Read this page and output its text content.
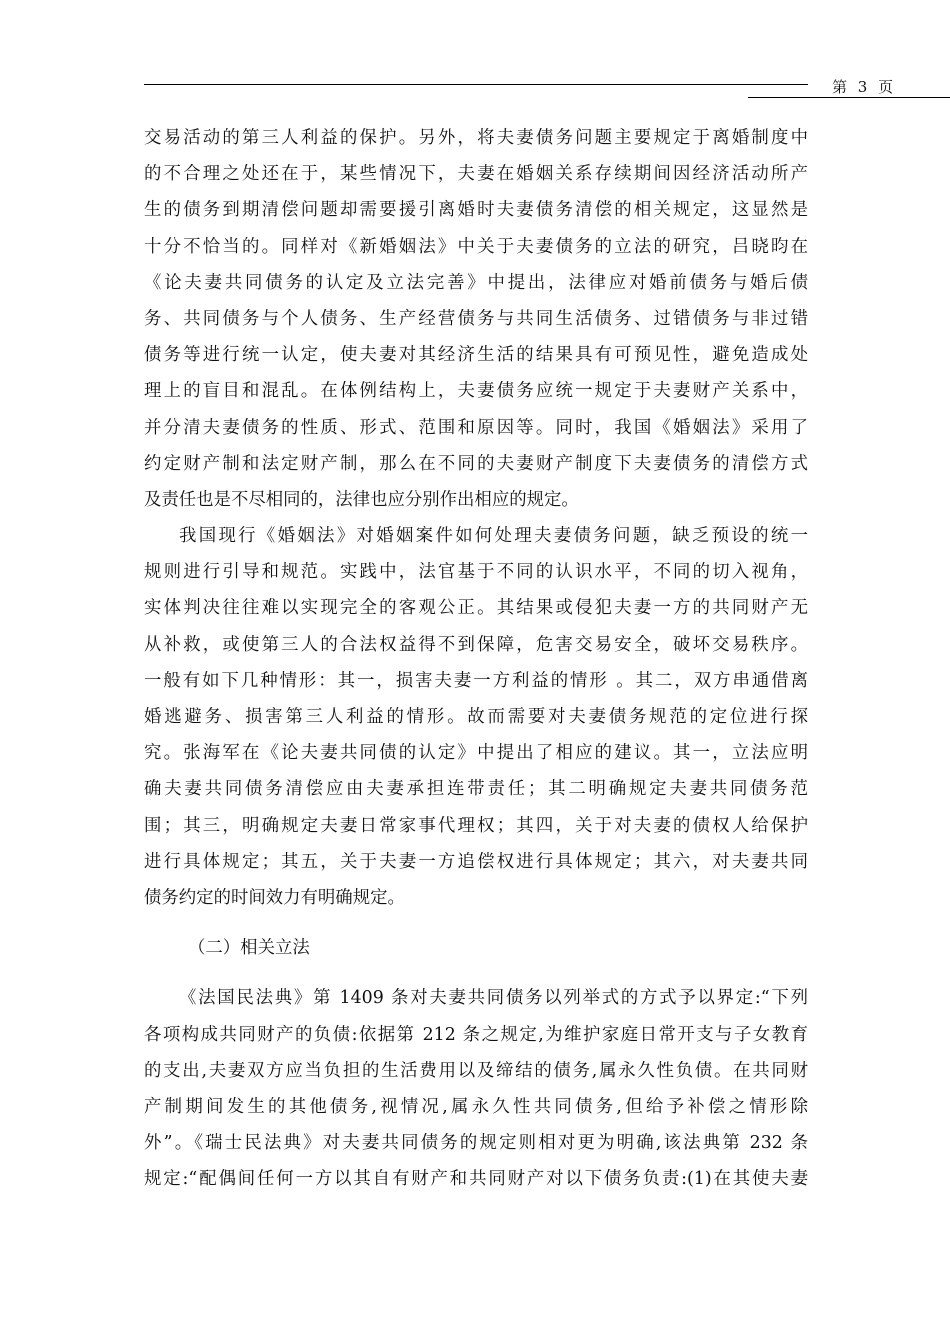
第 3 页
交易活动的第三人利益的保护。另外，将夫妻债务问题主要规定于离婚制度中
的不合理之处还在于，某些情况下，夫妻在婚姻关系存续期间因经济活动所产
生的债务到期清偿问题却需要援引离婚时夫妻债务清偿的相关规定，这显然是
十分不恰当的。同样对《新婚姻法》中关于夫妻债务的立法的研究，吕晓昀在
《论夫妻共同债务的认定及立法完善》中提出，法律应对婚前债务与婚后债
务、共同债务与个人债务、生产经营债务与共同生活债务、过错债务与非过错
债务等进行统一认定，使夫妻对其经济生活的结果具有可预见性，避免造成处
理上的盲目和混乱。在体例结构上，夫妻债务应统一规定于夫妻财产关系中，
并分清夫妻债务的性质、形式、范围和原因等。同时，我国《婚姻法》采用了
约定财产制和法定财产制，那么在不同的夫妻财产制度下夫妻债务的清偿方式
及责任也是不尽相同的，法律也应分别作出相应的规定。
我国现行《婚姻法》对婚姻案件如何处理夫妻债务问题，缺乏预设的统一
规则进行引导和规范。实践中，法官基于不同的认识水平，不同的切入视角，
实体判决往往难以实现完全的客观公正。其结果或侵犯夫妻一方的共同财产无
从补救，或使第三人的合法权益得不到保障，危害交易安全，破坏交易秩序。
一般有如下几种情形：其一，损害夫妻一方利益的情形 。其二，双方串通借离
婚逃避务、损害第三人利益的情形。故而需要对夫妻债务规范的定位进行探
究。张海军在《论夫妻共同债的认定》中提出了相应的建议。其一，立法应明
确夫妻共同债务清偿应由夫妻承担连带责任；其二明确规定夫妻共同债务范
围；其三，明确规定夫妻日常家事代理权；其四，关于对夫妻的债权人给保护
进行具体规定；其五，关于夫妻一方追偿权进行具体规定；其六，对夫妻共同
债务约定的时间效力有明确规定。
（二）相关立法
《法国民法典》第 1409 条对夫妻共同债务以列举式的方式予以界定:“下列
各项构成共同财产的负债:依据第 212 条之规定,为维护家庭日常开支与子女教育
的支出,夫妻双方应当负担的生活费用以及缔结的债务,属永久性负债。在共同财
产制期间发生的其他债务,视情况,属永久性共同债务,但给予补偿之情形除
外”。《瑞士民法典》对夫妻共同债务的规定则相对更为明确,该法典第 232 条
规定:“配偶间任何一方以其自有财产和共同财产对以下债务负责:(1)在其使夫妻
